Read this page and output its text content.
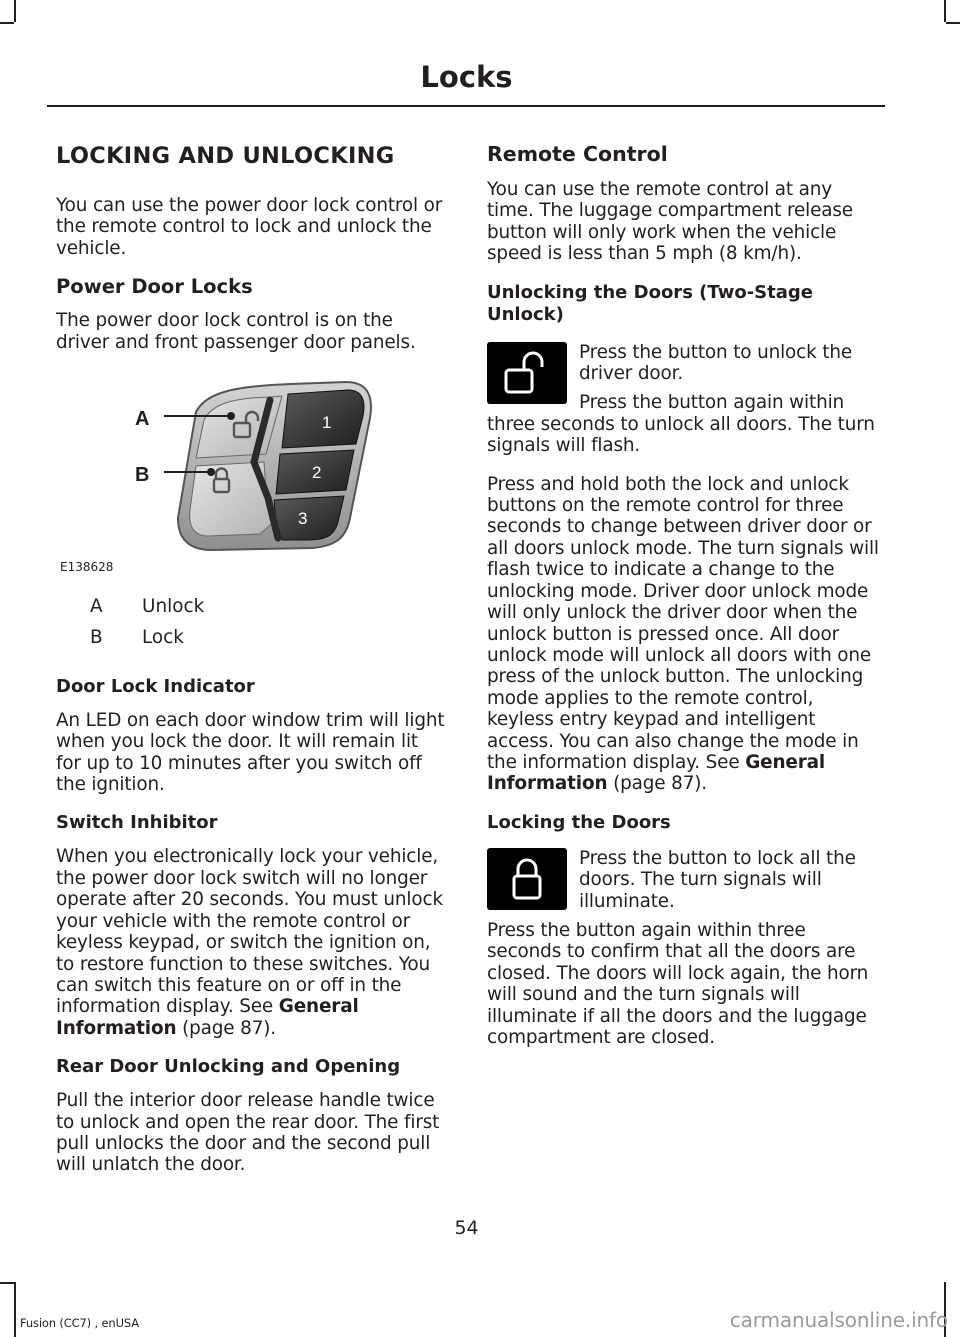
Locks
LOCKING AND UNLOCKING

You can use the power door lock control or the remote control to lock and unlock the vehicle.

Power Door Locks

The power door lock control is on the driver and front passenger door panels.

A
B
1
2
3
E138628
A	Unlock
B	Lock
Door Lock Indicator

An LED on each door window trim will light when you lock the door. It will remain lit for up to 10 minutes after you switch off the ignition.

Switch Inhibitor

When you electronically lock your vehicle, the power door lock switch will no longer operate after 20 seconds. You must unlock your vehicle with the remote control or keyless keypad, or switch the ignition on, to restore function to these switches. You can switch this feature on or off in the information display. See General Information (page 87).

Rear Door Unlocking and Opening

Pull the interior door release handle twice to unlock and open the rear door. The first pull unlocks the door and the second pull will unlatch the door.

Remote Control

You can use the remote control at any time. The luggage compartment release button will only work when the vehicle speed is less than 5 mph (8 km/h).

Unlocking the Doors (Two-Stage Unlock)

Press the button to unlock the driver door.

Press the button again within three seconds to unlock all doors. The turn signals will flash.

Press and hold both the lock and unlock buttons on the remote control for three seconds to change between driver door or all doors unlock mode. The turn signals will flash twice to indicate a change to the unlocking mode. Driver door unlock mode will only unlock the driver door when the unlock button is pressed once. All door unlock mode will unlock all doors with one press of the unlock button. The unlocking mode applies to the remote control, keyless entry keypad and intelligent access. You can also change the mode in the information display. See General Information (page 87).

Locking the Doors

Press the button to lock all the doors. The turn signals will illuminate.

Press the button again within three seconds to confirm that all the doors are closed. The doors will lock again, the horn will sound and the turn signals will illuminate if all the doors and the luggage compartment are closed.

54

Fusion (CC7) , enUSA	carmanualsonline.info
